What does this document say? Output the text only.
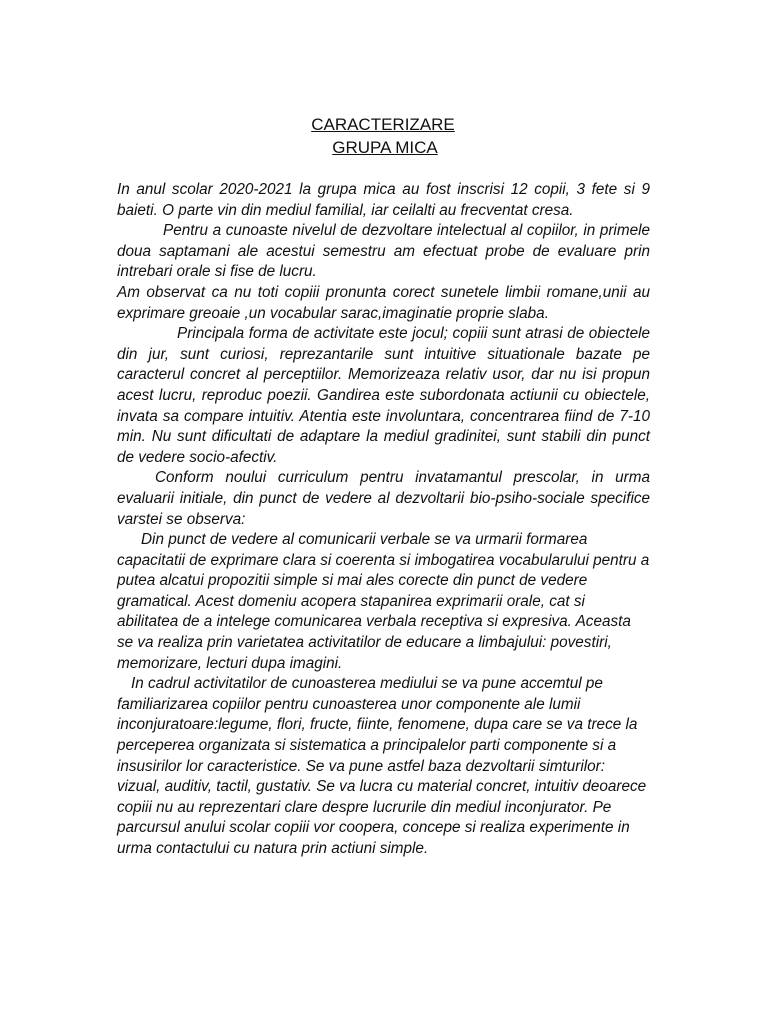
CARACTERIZARE
GRUPA MICA

In anul scolar 2020-2021 la grupa mica au fost inscrisi 12 copii, 3 fete si 9 baieti. O parte vin din mediul familial, iar ceilalti au frecventat cresa.

Pentru a cunoaste nivelul de dezvoltare intelectual al copiilor, in primele doua saptamani ale acestui semestru am efectuat probe de evaluare prin intrebari orale si fise de lucru.

Am observat ca nu toti copiii pronunta corect sunetele limbii romane,unii au exprimare greoaie ,un vocabular sarac,imaginatie proprie slaba.

Principala forma de activitate este jocul; copiii sunt atrasi de obiectele din jur, sunt curiosi, reprezantarile sunt intuitive situationale bazate pe caracterul concret al perceptiilor. Memorizeaza relativ usor, dar nu isi propun acest lucru, reproduc poezii. Gandirea este subordonata actiunii cu obiectele, invata sa compare intuitiv. Atentia este involuntara, concentrarea fiind de 7-10 min. Nu sunt dificultati de adaptare la mediul gradinitei, sunt stabili din punct de vedere socio-afectiv.

Conform noului curriculum pentru invatamantul prescolar, in urma evaluarii initiale, din punct de vedere al dezvoltarii bio-psiho-sociale specifice varstei se observa:

Din punct de vedere al comunicarii verbale se va urmarii formarea capacitatii de exprimare clara si coerenta si imbogatirea vocabularului pentru a putea alcatui propozitii simple si mai ales corecte din punct de vedere gramatical. Acest domeniu acopera stapanirea exprimarii orale, cat si abilitatea de a intelege comunicarea verbala receptiva si expresiva. Aceasta se va realiza prin varietatea activitatilor de educare a limbajului: povestiri, memorizare, lecturi dupa imagini.

In cadrul activitatilor de cunoasterea mediului se va pune accemtul pe familiarizarea copiilor pentru cunoasterea unor componente ale lumii inconjuratoare:legume, flori, fructe, fiinte, fenomene, dupa care se va trece la perceperea organizata si sistematica a principalelor parti componente si a insusirilor lor caracteristice. Se va pune astfel baza dezvoltarii simturilor: vizual, auditiv, tactil, gustativ. Se va lucra cu material concret, intuitiv deoarece copiii nu au reprezentari clare despre lucrurile din mediul inconjurator. Pe parcursul anului scolar copiii vor coopera, concepe si realiza experimente in urma contactului cu natura prin actiuni simple.
